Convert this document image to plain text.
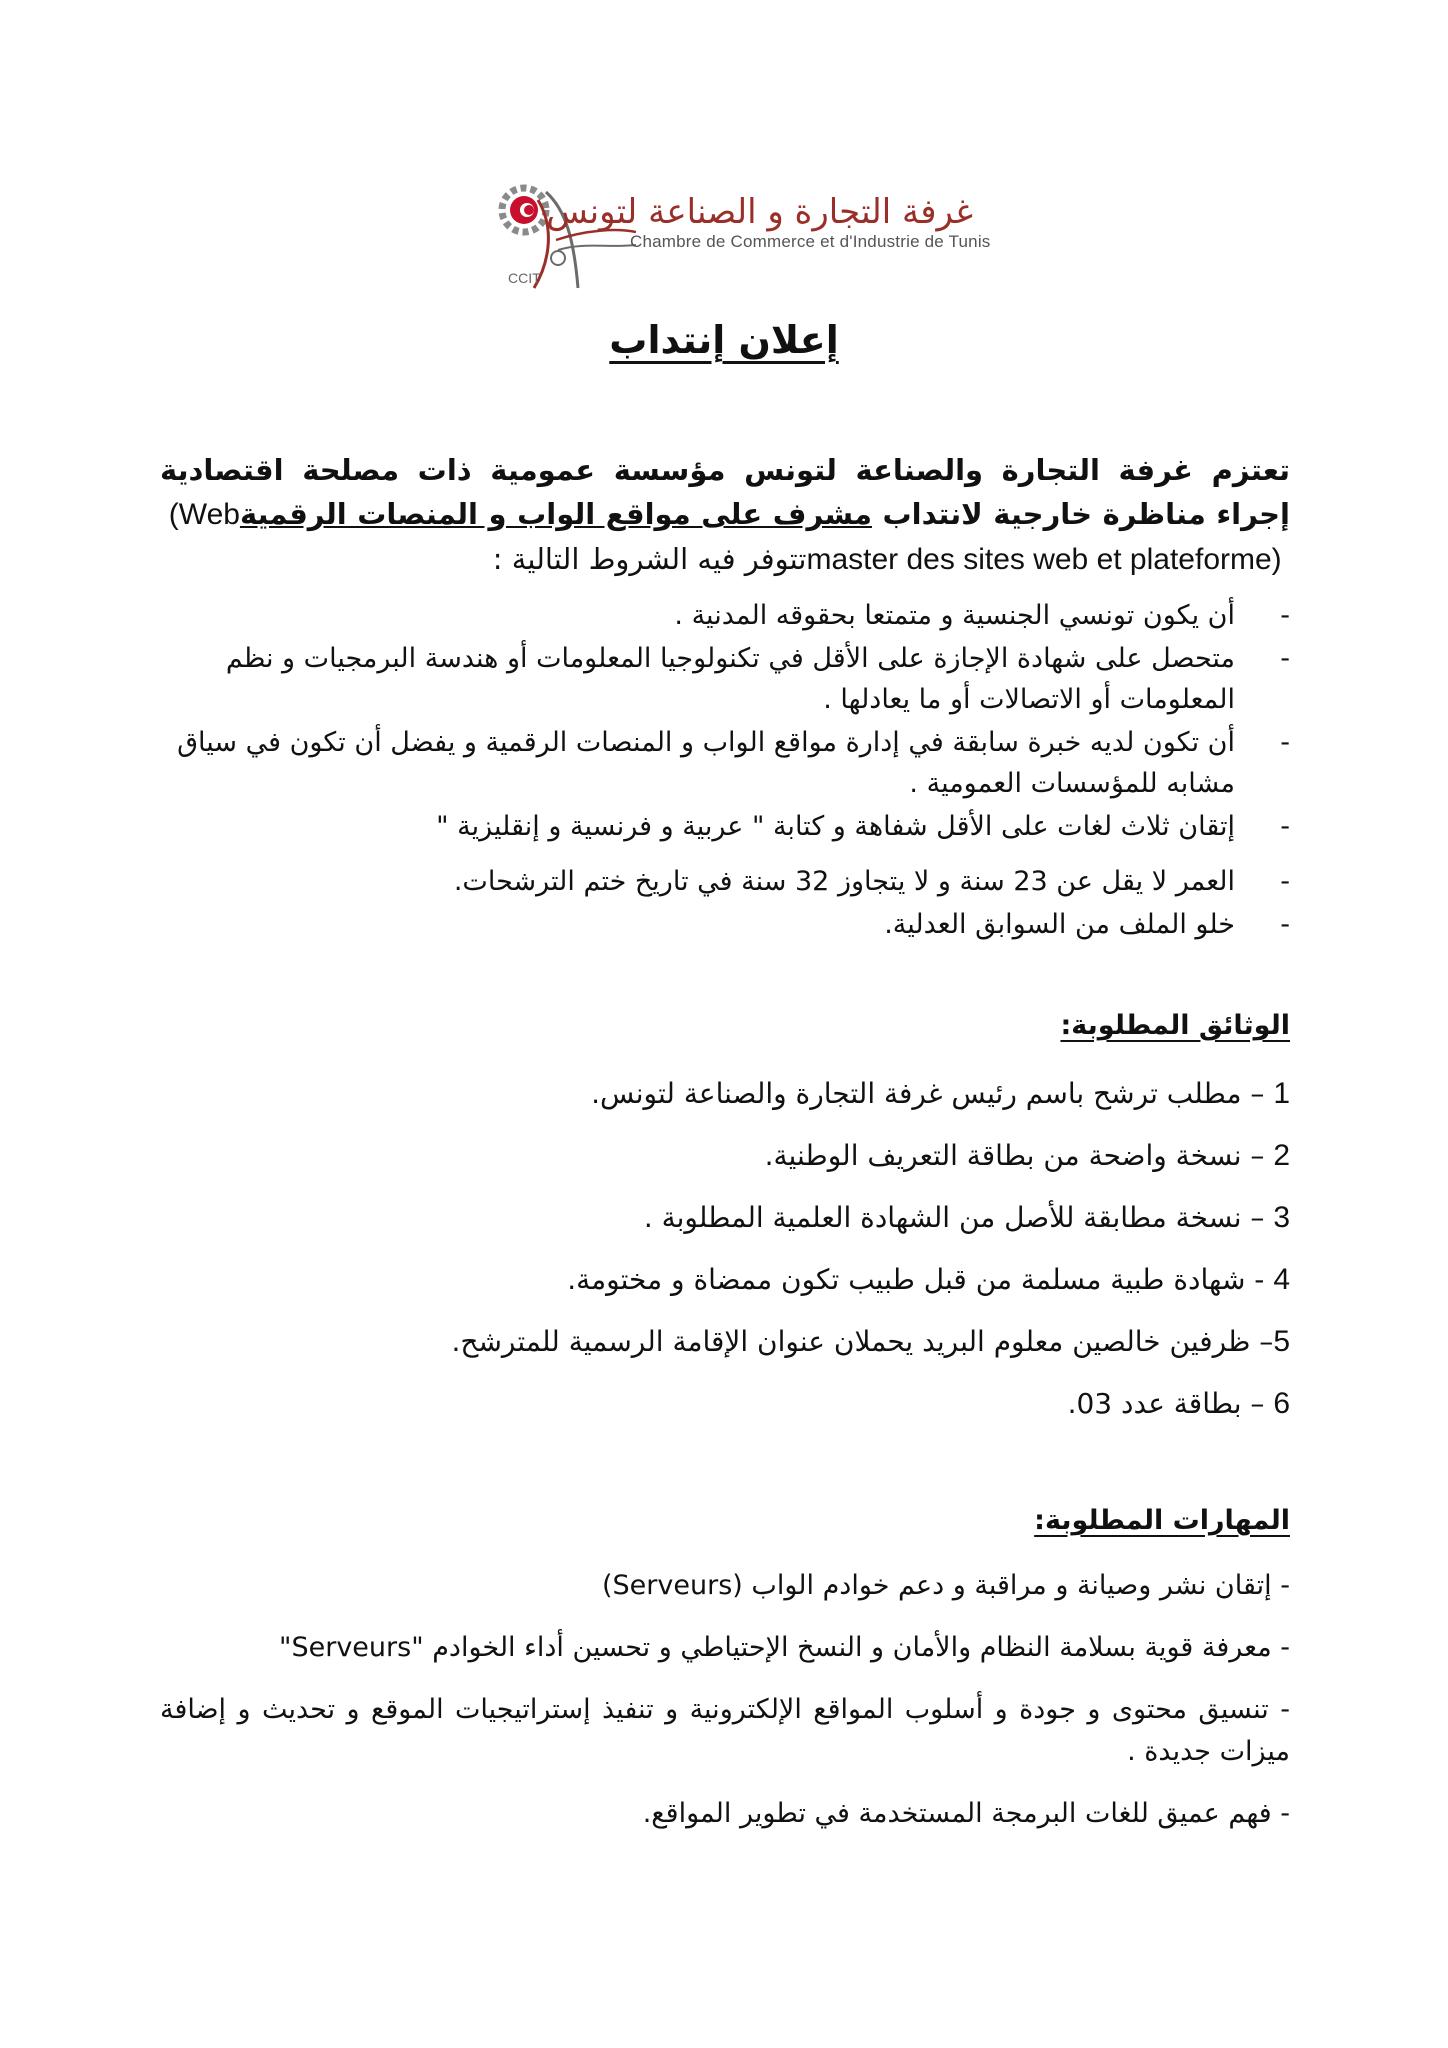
غرفة التجارة و الصناعة لتونس
Chambre de Commerce et d'Industrie de Tunis
CCIT
إعلان إنتداب
تعتزم غرفة التجارة والصناعة لتونس مؤسسة عمومية ذات مصلحة اقتصادية إجراء مناظرة خارجية لانتداب مشرف على مواقع الواب و المنصات الرقمية (Web master des sites web et plateforme) تتوفر فيه الشروط التالية :
-
أن يكون تونسي الجنسية و متمتعا بحقوقه المدنية .
-
متحصل على شهادة الإجازة على الأقل في تكنولوجيا المعلومات أو هندسة البرمجيات و نظم المعلومات أو الاتصالات أو ما يعادلها .
-
أن تكون لديه خبرة سابقة في إدارة مواقع الواب و المنصات الرقمية و يفضل أن تكون في سياق مشابه للمؤسسات العمومية .
-
إتقان ثلاث لغات على الأقل شفاهة و كتابة " عربية و فرنسية و إنقليزية "
-
العمر لا يقل عن 23 سنة و لا يتجاوز 32 سنة في تاريخ ختم الترشحات.
-
خلو الملف من السوابق العدلية.
الوثائق المطلوبة:
1 – مطلب ترشح باسم رئيس غرفة التجارة والصناعة لتونس.
2 – نسخة واضحة من بطاقة التعريف الوطنية.
3 – نسخة مطابقة للأصل من الشهادة العلمية المطلوبة .
4 - شهادة طبية مسلمة من قبل طبيب تكون ممضاة و مختومة.
5– ظرفين خالصين معلوم البريد يحملان عنوان الإقامة الرسمية للمترشح.
6 – بطاقة عدد 03.
المهارات المطلوبة:
- إتقان نشر وصيانة و مراقبة و دعم خوادم الواب (Serveurs)
- معرفة قوية بسلامة النظام والأمان و النسخ الإحتياطي و تحسين أداء الخوادم "Serveurs"
- تنسيق محتوى و جودة و أسلوب المواقع الإلكترونية و تنفيذ إستراتيجيات الموقع و تحديث و إضافة ميزات جديدة .
- فهم عميق للغات البرمجة المستخدمة في تطوير المواقع.
